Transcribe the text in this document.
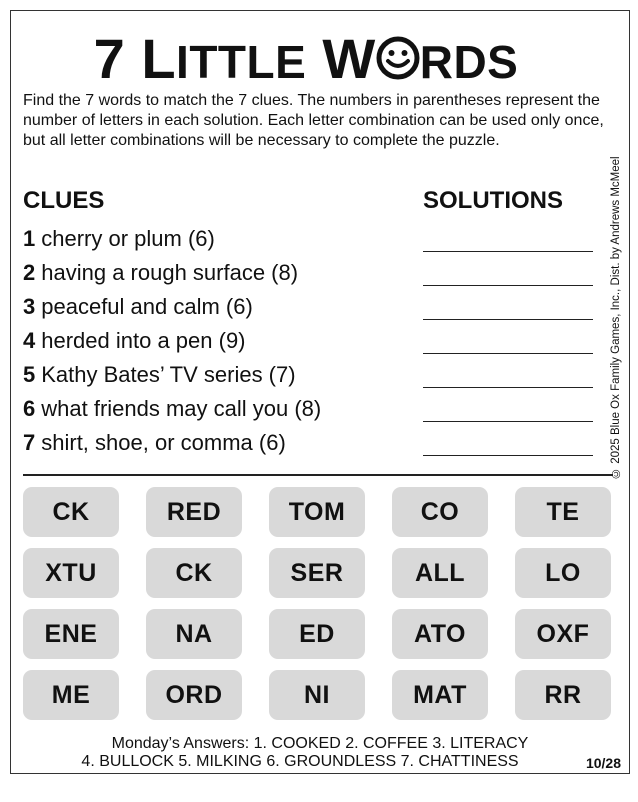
7 LITTLE W RDS
Find the 7 words to match the 7 clues. The numbers in parentheses represent the number of letters in each solution. Each letter combination can be used only once, but all letter combinations will be necessary to complete the puzzle.
© 2025 Blue Ox Family Games, Inc., Dist. by Andrews McMeel
CLUES	SOLUTIONS
1 cherry or plum (6)
2 having a rough surface (8)
3 peaceful and calm (6)
4 herded into a pen (9)
5 Kathy Bates’ TV series (7)
6 what friends may call you (8)
7 shirt, shoe, or comma (6)
CK	RED	TOM	CO	TE
XTU	CK	SER	ALL	LO
ENE	NA	ED	ATO	OXF
ME	ORD	NI	MAT	RR
Monday’s Answers: 1. COOKED 2. COFFEE 3. LITERACY
4. BULLOCK 5. MILKING 6. GROUNDLESS 7. CHATTINESS	10/28
